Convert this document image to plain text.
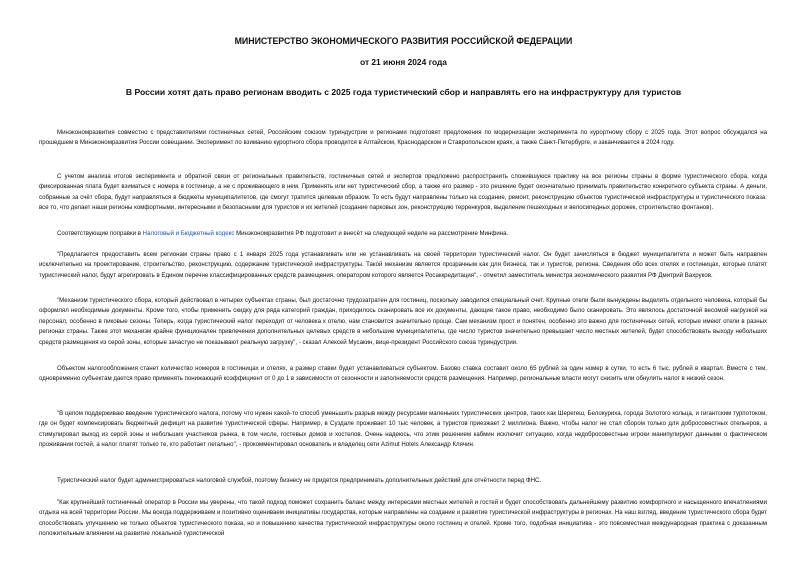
МИНИСТЕРСТВО ЭКОНОМИЧЕСКОГО РАЗВИТИЯ РОССИЙСКОЙ ФЕДЕРАЦИИ
от 21 июня 2024 года
В России хотят дать право регионам вводить с 2025 года туристический сбор и направлять его на инфраструктуру для туристов

Минэкономразвития совместно с представителями гостиничных сетей, Российским союзом туриндустрии и регионами подготовят предложения по модернизации эксперимента по курортному сбору с 2025 года. Этот вопрос обсуждался на прошедшем в Минэкономразвития России совещании. Эксперимент по взиманию курортного сбора проводится в Алтайском, Краснодарском и Ставропольском краях, а также Санкт-Петербурге, и заканчивается в 2024 году.

С учетом анализа итогов эксперимента и обратной связи от региональных правительств, гостиничных сетей и экспертов предложено распространить сложившуюся практику на все регионы страны в форме туристического сбора, когда фиксированная плата будет взиматься с номера в гостинице, а не с проживающего в нем. Применять или нет туристический сбор, а также его размер - это решение будет окончательно принимать правительство конкретного субъекта страны. А деньги, собранные за счёт сбора, будут направляться в бюджеты муниципалитетов, где смогут тратится целевым образом. То есть будут направлены только на создание, ремонт, реконструкцию объектов туристической инфраструктуры и туристического показа: все то, что делает наши регионы комфортными, интересными и безопасными для туристов и их жителей (создание парковых зон, реконструкцию терренкуров, выделение пешеходных и велосипедных дорожек, строительство фонтанов).

Соответствующие поправки в Налоговый и Бюджетный кодекс Минэкономразвития РФ подготовит и внесёт на следующей неделе на рассмотрение Минфина.

"Предлагается предоставить всем регионам страны право с 1 января 2025 года устанавливать или не устанавливать на своей территории туристический налог. Он будет зачисляться в бюджет муниципалитета и может быть направлен исключительно на проектирование, строительство, реконструкцию, содержание туристической инфраструктуры. Такой механизм является прозрачным как для бизнеса, так и туристов, региона. Сведения обо всех отелях и гостиницах, которые платят туристический налог, будут агрегировать в Едином перечне классифицированных средств размещения, оператором которого является Росаккредитация", - отметил заместитель министра экономического развития РФ Дмитрий Вахруков.

"Механизм туристического сбора, который действовал в четырех субъектах страны, был достаточно трудозатратен для гостиниц, поскольку заводился специальный счет. Крупные отели были вынуждены выделять отдельного человека, который бы оформлял необходимые документы. Кроме того, чтобы применить скидку для ряда категорий граждан, приходилось сканировать все их документы, дающие такое право, необходимо было сканировать. Это являлось достаточной весомой нагрузкой на персонал, особенно в пиковые сезоны. Теперь, когда туристический налог переходит от человека к отелю, нам становится значительно проще. Сам механизм прост и понятен, особенно это важно для гостиничных сетей, которые имеют отели в разных регионах страны. Также этот механизм крайне функционален привлечения дополнительных целевых средств в небольшие муниципалитеты, где число туристов значительно превышает число местных жителей, будет способствовать выходу небольших средств размещения из серой зоны, которые зачастую не показывают реальную загрузку", - сказал Алексей Мусакин, вице-президент Российского союза туриндустрии.

Объектом налогообложения станет количество номеров в гостиницах и отелях, а размер ставки будет устанавливаться субъектом. Базово ставка составит около 65 рублей за один номер в сутки, то есть 6 тыс. рублей в квартал. Вместе с тем, одновременно субъектам дается право применять понижающий коэффициент от 0 до 1 в зависимости от сезонности и заполняемости средств размещения. Например, региональные власти могут снизить или обнулить налог в низкий сезон.

"В целом поддерживаю введение туристического налога, потому что нужен какой-то способ уменьшить разрыв между ресурсами маленьких туристических центров, таких как Шерегеш, Белокуриха, города Золотого кольца, и гигантским турпотоком, где он будет компенсировать бюджетный дефицит на развитие туристической сферы. Например, в Суздале проживает 10 тыс человек, а туристов приезжает 2 миллиона. Важно, чтобы налог не стал сбором только для добросовестных отельеров, а стимулировал выход из серой зоны и небольших участников рынка, в том числе, гостевых домов и хостелов. Очень надеюсь, что этим решением кабмин исключит ситуацию, когда недобросовестные игроки манипулируют данными о фактическом проживании гостей, а налог платят только те, кто работает легально", - прокомментировал основатель и владелец сети Azimut Hotels Александр Клячин.

Туристический налог будет администрироваться налоговой службой, поэтому бизнесу не придется предпринимать дополнительных действий для отчётности перед ФНС.

"Как крупнейший гостиничный оператор в России мы уверены, что такой подход поможет сохранить баланс между интересами местных жителей и гостей и будет способствовать дальнейшему развитию комфортного и насыщенного впечатлениями отдыха на всей территории России. Мы всегда поддерживаем и позитивно оцениваем инициативы государства, которые направлены на создание и развитие туристической инфраструктуры в регионах. На наш взгляд, введение туристического сбора будет способствовать улучшению не только объектов туристического показа, но и повышению качества туристической инфраструктуры около гостиниц и отелей. Кроме того, подобная инициатива - это повсеместная международная практика с доказанным положительным влиянием на развитие локальной туристической
